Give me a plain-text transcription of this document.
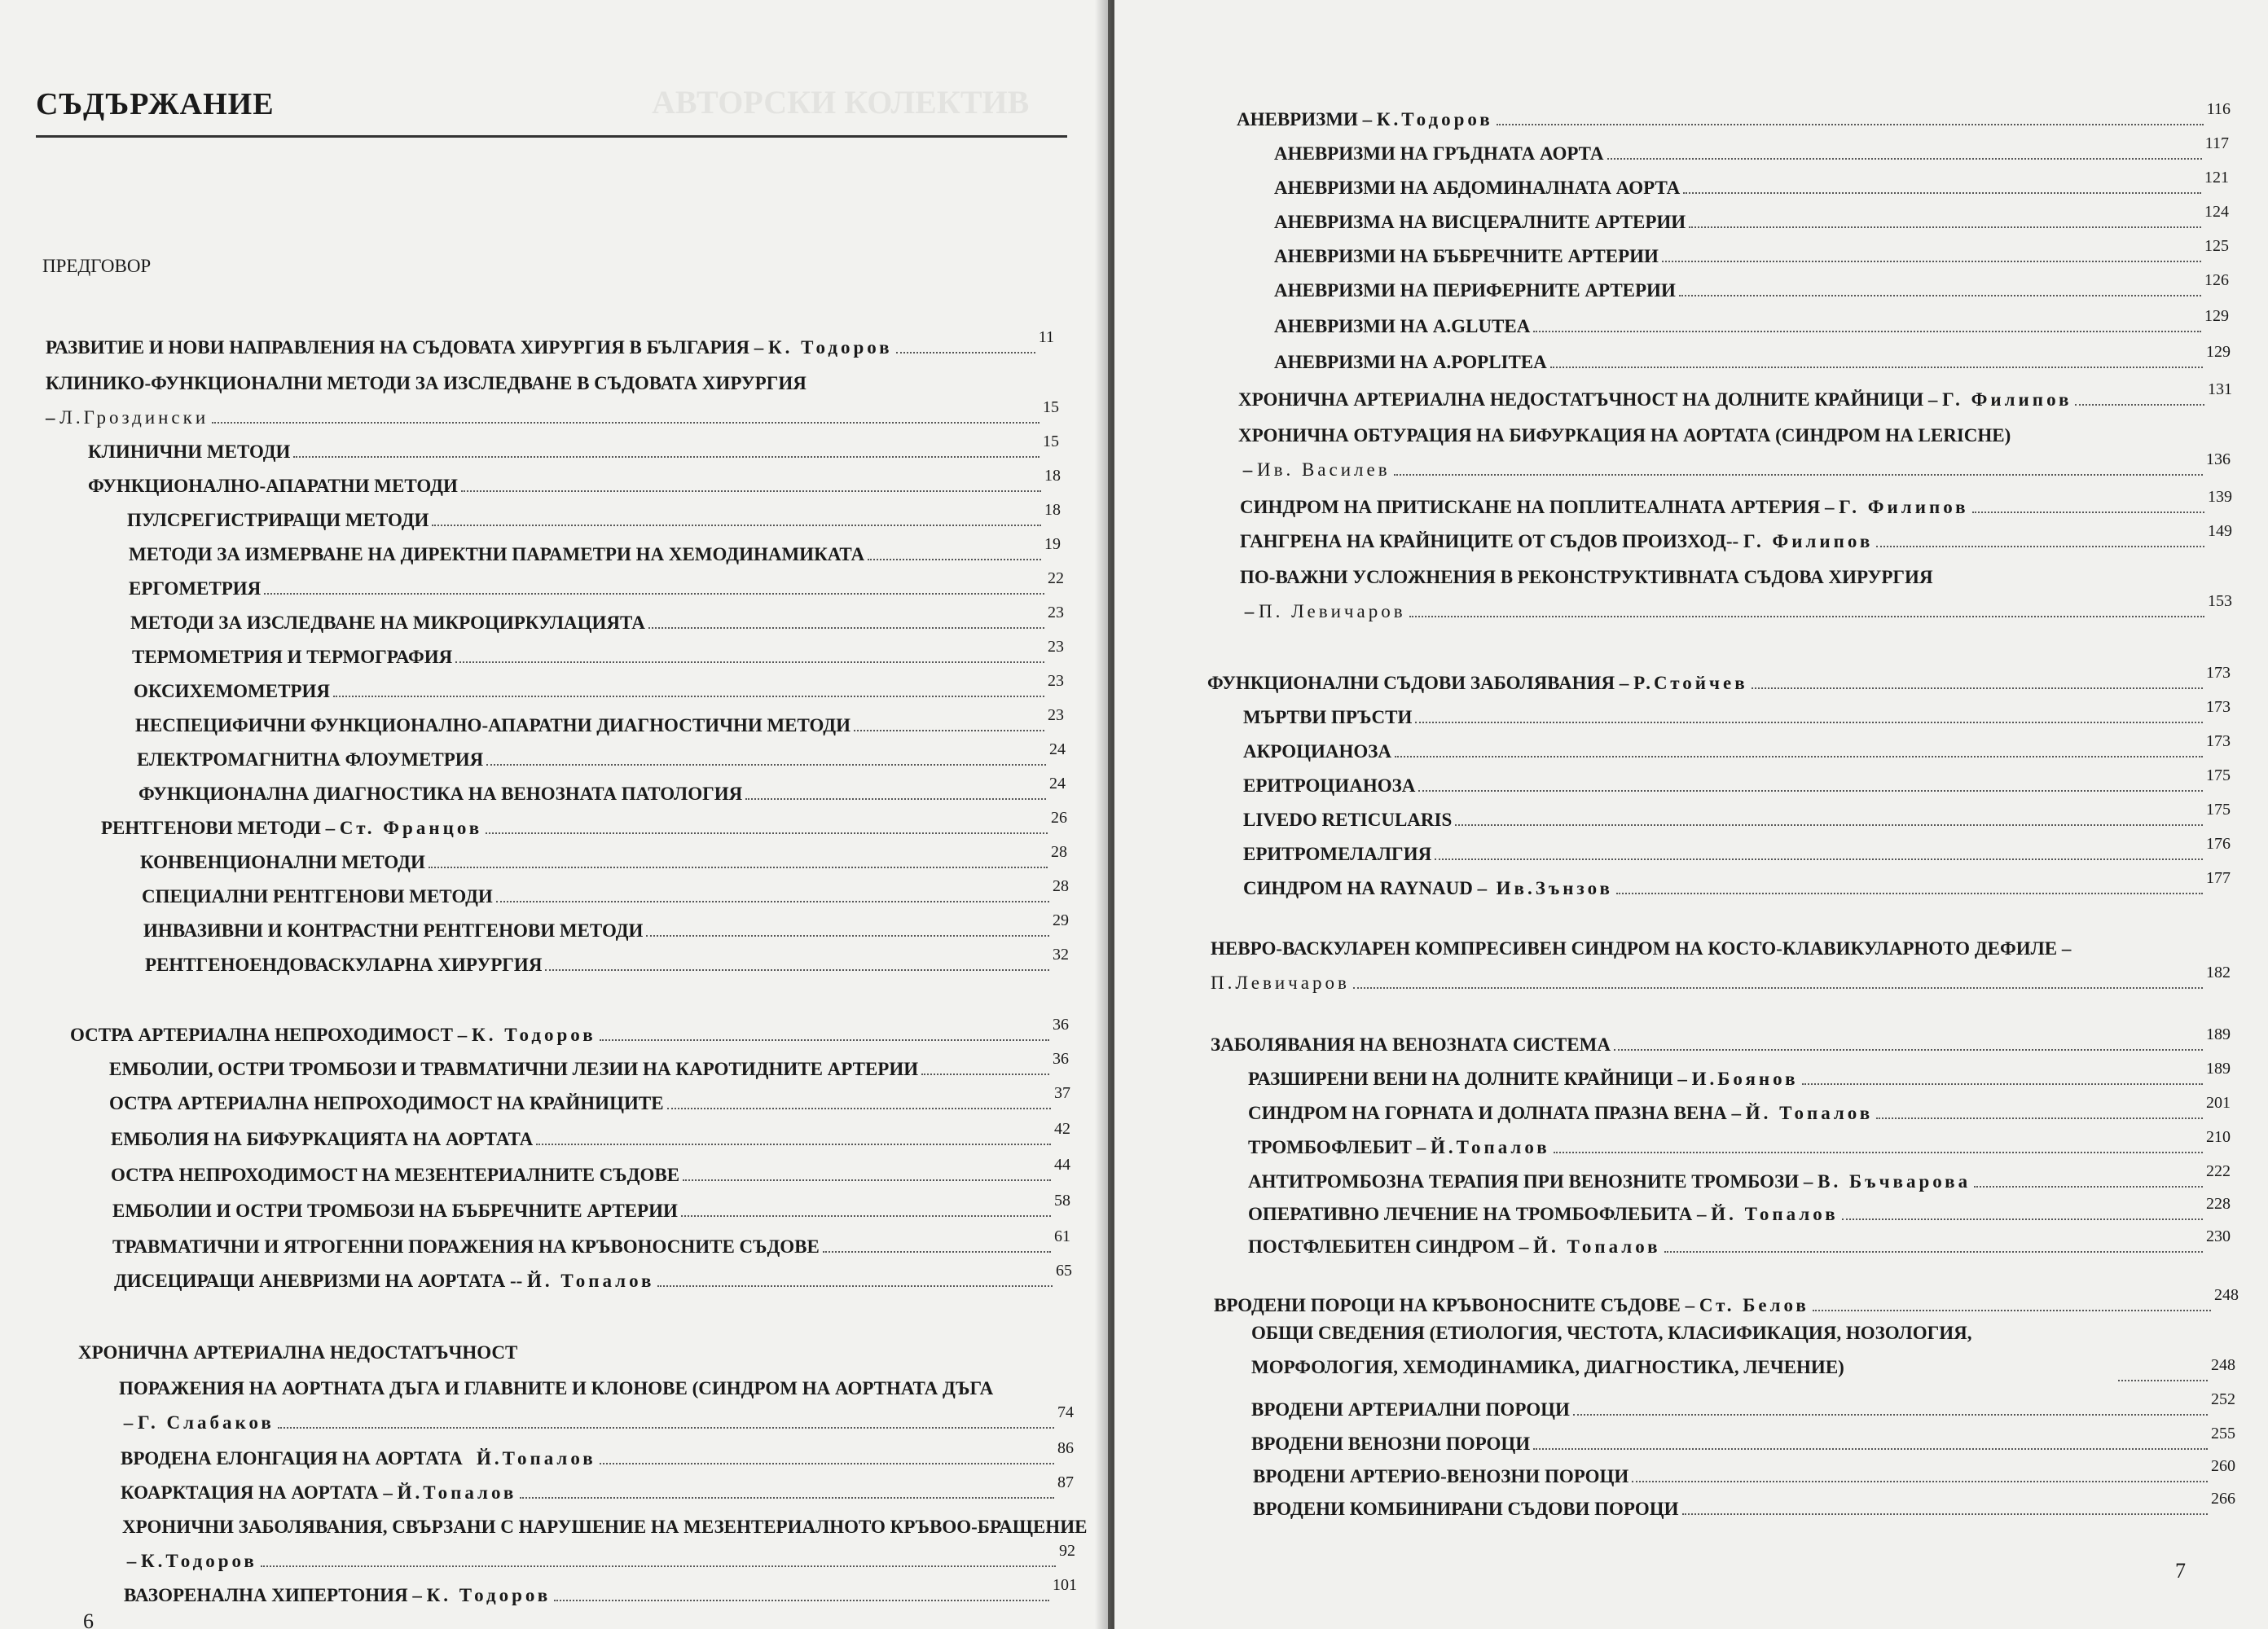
АВТОРСКИ КОЛЕКТИВ
СЪДЪРЖАНИЕ
ПРЕДГОВОР
РАЗВИТИЕ И НОВИ НАПРАВЛЕНИЯ НА СЪДОВАТА ХИРУРГИЯ В БЪЛГАРИЯ – К. Тодоров	11
КЛИНИКО-ФУНКЦИОНАЛНИ МЕТОДИ ЗА ИЗСЛЕДВАНЕ В СЪДОВАТА ХИРУРГИЯ
– Л.Гроздински	15
КЛИНИЧНИ МЕТОДИ	15
ФУНКЦИОНАЛНО-АПАРАТНИ МЕТОДИ	18
ПУЛСРЕГИСТРИРАЩИ МЕТОДИ	18
МЕТОДИ ЗА ИЗМЕРВАНЕ НА ДИРЕКТНИ ПАРАМЕТРИ НА ХЕМОДИНАМИКАТА	19
ЕРГОМЕТРИЯ	22
МЕТОДИ ЗА ИЗСЛЕДВАНЕ НА МИКРОЦИРКУЛАЦИЯТА	23
ТЕРМОМЕТРИЯ И ТЕРМОГРАФИЯ	23
ОКСИХЕМОМЕТРИЯ	23
НЕСПЕЦИФИЧНИ ФУНКЦИОНАЛНО-АПАРАТНИ ДИАГНОСТИЧНИ МЕТОДИ	23
ЕЛЕКТРОМАГНИТНА ФЛОУМЕТРИЯ	24
ФУНКЦИОНАЛНА ДИАГНОСТИКА НА ВЕНОЗНАТА ПАТОЛОГИЯ	24
РЕНТГЕНОВИ МЕТОДИ – Ст. Францов	26
КОНВЕНЦИОНАЛНИ МЕТОДИ	28
СПЕЦИАЛНИ РЕНТГЕНОВИ МЕТОДИ	28
ИНВАЗИВНИ И КОНТРАСТНИ РЕНТГЕНОВИ МЕТОДИ	29
РЕНТГЕНОЕНДОВАСКУЛАРНА ХИРУРГИЯ	32
ОСТРА АРТЕРИАЛНА НЕПРОХОДИМОСТ – К. Тодоров	36
ЕМБОЛИИ, ОСТРИ ТРОМБОЗИ И ТРАВМАТИЧНИ ЛЕЗИИ НА КАРОТИДНИТЕ АРТЕРИИ	36
ОСТРА АРТЕРИАЛНА НЕПРОХОДИМОСТ НА КРАЙНИЦИТЕ	37
ЕМБОЛИЯ НА БИФУРКАЦИЯТА НА АОРТАТА	42
ОСТРА НЕПРОХОДИМОСТ НА МЕЗЕНТЕРИАЛНИТЕ СЪДОВЕ	44
ЕМБОЛИИ И ОСТРИ ТРОМБОЗИ НА БЪБРЕЧНИТЕ АРТЕРИИ	58
ТРАВМАТИЧНИ И ЯТРОГЕННИ ПОРАЖЕНИЯ НА КРЪВОНОСНИТЕ СЪДОВЕ	61
ДИСЕЦИРАЩИ АНЕВРИЗМИ НА АОРТАТА -- Й. Топалов	65
ХРОНИЧНА АРТЕРИАЛНА НЕДОСТАТЪЧНОСТ
ПОРАЖЕНИЯ НА АОРТНАТА ДЪГА И ГЛАВНИТЕ И КЛОНОВЕ (СИНДРОМ НА АОРТНАТА ДЪГА
– Г. Слабаков	74
ВРОДЕНА ЕЛОНГАЦИЯ НА АОРТАТА
Й.Топалов	86
КОАРКТАЦИЯ НА АОРТАТА – Й.Топалов	87
ХРОНИЧНИ ЗАБОЛЯВАНИЯ, СВЪРЗАНИ С НАРУШЕНИЕ НА МЕЗЕНТЕРИАЛНОТО КРЪВОО-БРАЩЕНИЕ
– К.Тодоров	92
ВАЗОРЕНАЛНА ХИПЕРТОНИЯ – К. Тодоров	101
6
АНЕВРИЗМИ – К.Тодоров	116
АНЕВРИЗМИ НА ГРЪДНАТА АОРТА	117
АНЕВРИЗМИ НА АБДОМИНАЛНАТА АОРТА	121
АНЕВРИЗМА НА ВИСЦЕРАЛНИТЕ АРТЕРИИ	124
АНЕВРИЗМИ НА БЪБРЕЧНИТЕ АРТЕРИИ	125
АНЕВРИЗМИ НА ПЕРИФЕРНИТЕ АРТЕРИИ	126
АНЕВРИЗМИ НА A.GLUTEA	129
АНЕВРИЗМИ НА A.POPLITEA	129
ХРОНИЧНА АРТЕРИАЛНА НЕДОСТАТЪЧНОСТ НА ДОЛНИТЕ КРАЙНИЦИ – Г. Филипов	131
ХРОНИЧНА ОБТУРАЦИЯ НА БИФУРКАЦИЯ НА АОРТАТА (СИНДРОМ НА LERICHE)
– Ив. Василев	136
СИНДРОМ НА ПРИТИСКАНЕ НА ПОПЛИТЕАЛНАТА АРТЕРИЯ – Г. Филипов	139
ГАНГРЕНА НА КРАЙНИЦИТЕ ОТ СЪДОВ ПРОИЗХОД -- Г. Филипов	149
ПО-ВАЖНИ УСЛОЖНЕНИЯ В РЕКОНСТРУКТИВНАТА СЪДОВА ХИРУРГИЯ
– П. Левичаров	153
ФУНКЦИОНАЛНИ СЪДОВИ ЗАБОЛЯВАНИЯ – Р.Стойчев	173
МЪРТВИ ПРЪСТИ	173
АКРОЦИАНОЗА	173
ЕРИТРОЦИАНОЗА	175
LIVEDO RETICULARIS	175
ЕРИТРОМЕЛАЛГИЯ	176
СИНДРОМ НА RAYNAUD – Ив.Зънзов	177
НЕВРО-ВАСКУЛАРЕН КОМПРЕСИВЕН СИНДРОМ НА КОСТО-КЛАВИКУЛАРНОТО ДЕФИЛЕ –
П.Левичаров	182
ЗАБОЛЯВАНИЯ НА ВЕНОЗНАТА СИСТЕМА	189
РАЗШИРЕНИ ВЕНИ НА ДОЛНИТЕ КРАЙНИЦИ – И.Боянов	189
СИНДРОМ НА ГОРНАТА И ДОЛНАТА ПРАЗНА ВЕНА – Й. Топалов	201
ТРОМБОФЛЕБИТ – Й.Топалов	210
АНТИТРОМБОЗНА ТЕРАПИЯ ПРИ ВЕНОЗНИТЕ ТРОМБОЗИ – В. Бъчварова	222
ОПЕРАТИВНО ЛЕЧЕНИЕ НА ТРОМБОФЛЕБИТА – Й. Топалов	228
ПОСТФЛЕБИТЕН СИНДРОМ – Й. Топалов	230
ВРОДЕНИ ПОРОЦИ НА КРЪВОНОСНИТЕ СЪДОВЕ – Ст. Белов	248
ОБЩИ СВЕДЕНИЯ (ЕТИОЛОГИЯ, ЧЕСТОТА, КЛАСИФИКАЦИЯ, НОЗОЛОГИЯ, МОРФОЛОГИЯ, ХЕМОДИНАМИКА, ДИАГНОСТИКА, ЛЕЧЕНИЕ)	248
ВРОДЕНИ АРТЕРИАЛНИ ПОРОЦИ	252
ВРОДЕНИ ВЕНОЗНИ ПОРОЦИ	255
ВРОДЕНИ АРТЕРИО-ВЕНОЗНИ ПОРОЦИ	260
ВРОДЕНИ КОМБИНИРАНИ СЪДОВИ ПОРОЦИ	266
7
